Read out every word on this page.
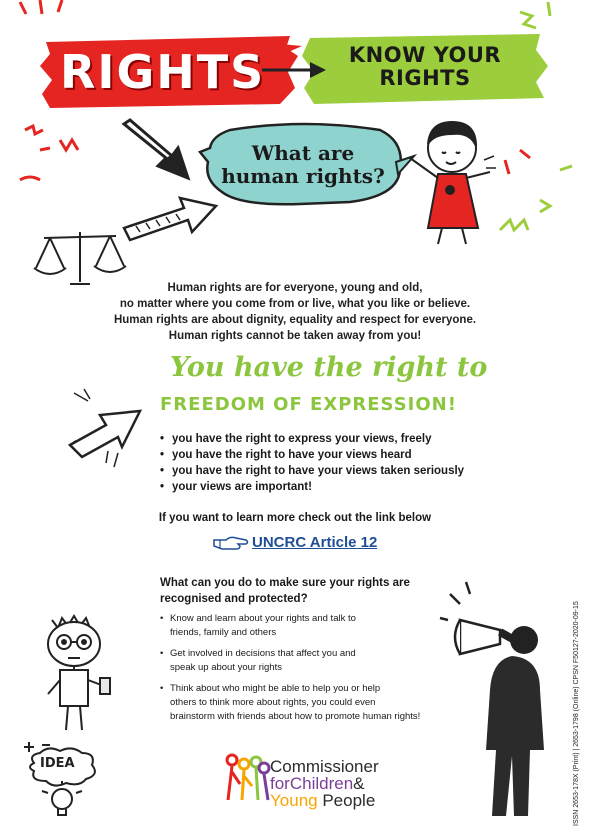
RIGHTS	KNOW YOUR
RIGHTS
What are
human rights?
Human rights are for everyone, young and old,
no matter where you come from or live, what you like or believe.
Human rights are about dignity, equality and respect for everyone.
Human rights cannot be taken away from you!
You have the right to
FREEDOM OF EXPRESSION!
• you have the right to express your views, freely
• you have the right to have your views heard
• you have the right to have your views taken seriously
• your views are important!
If you want to learn more check out the link below
UNCRC Article 12
What can you do to make sure your rights are
recognised and protected?
• Know and learn about your rights and talk to
friends, family and others
• Get involved in decisions that affect you and
speak up about your rights
• Think about who might be able to help you or help
others to think more about rights, you could even
brainstorm with friends about how to promote human rights!
IDEA	Commissioner
forChildren&
Young People	ISSN 2653-178X (Print) | 2653-1798 (Online) CPSN F50127-2020-09-15
